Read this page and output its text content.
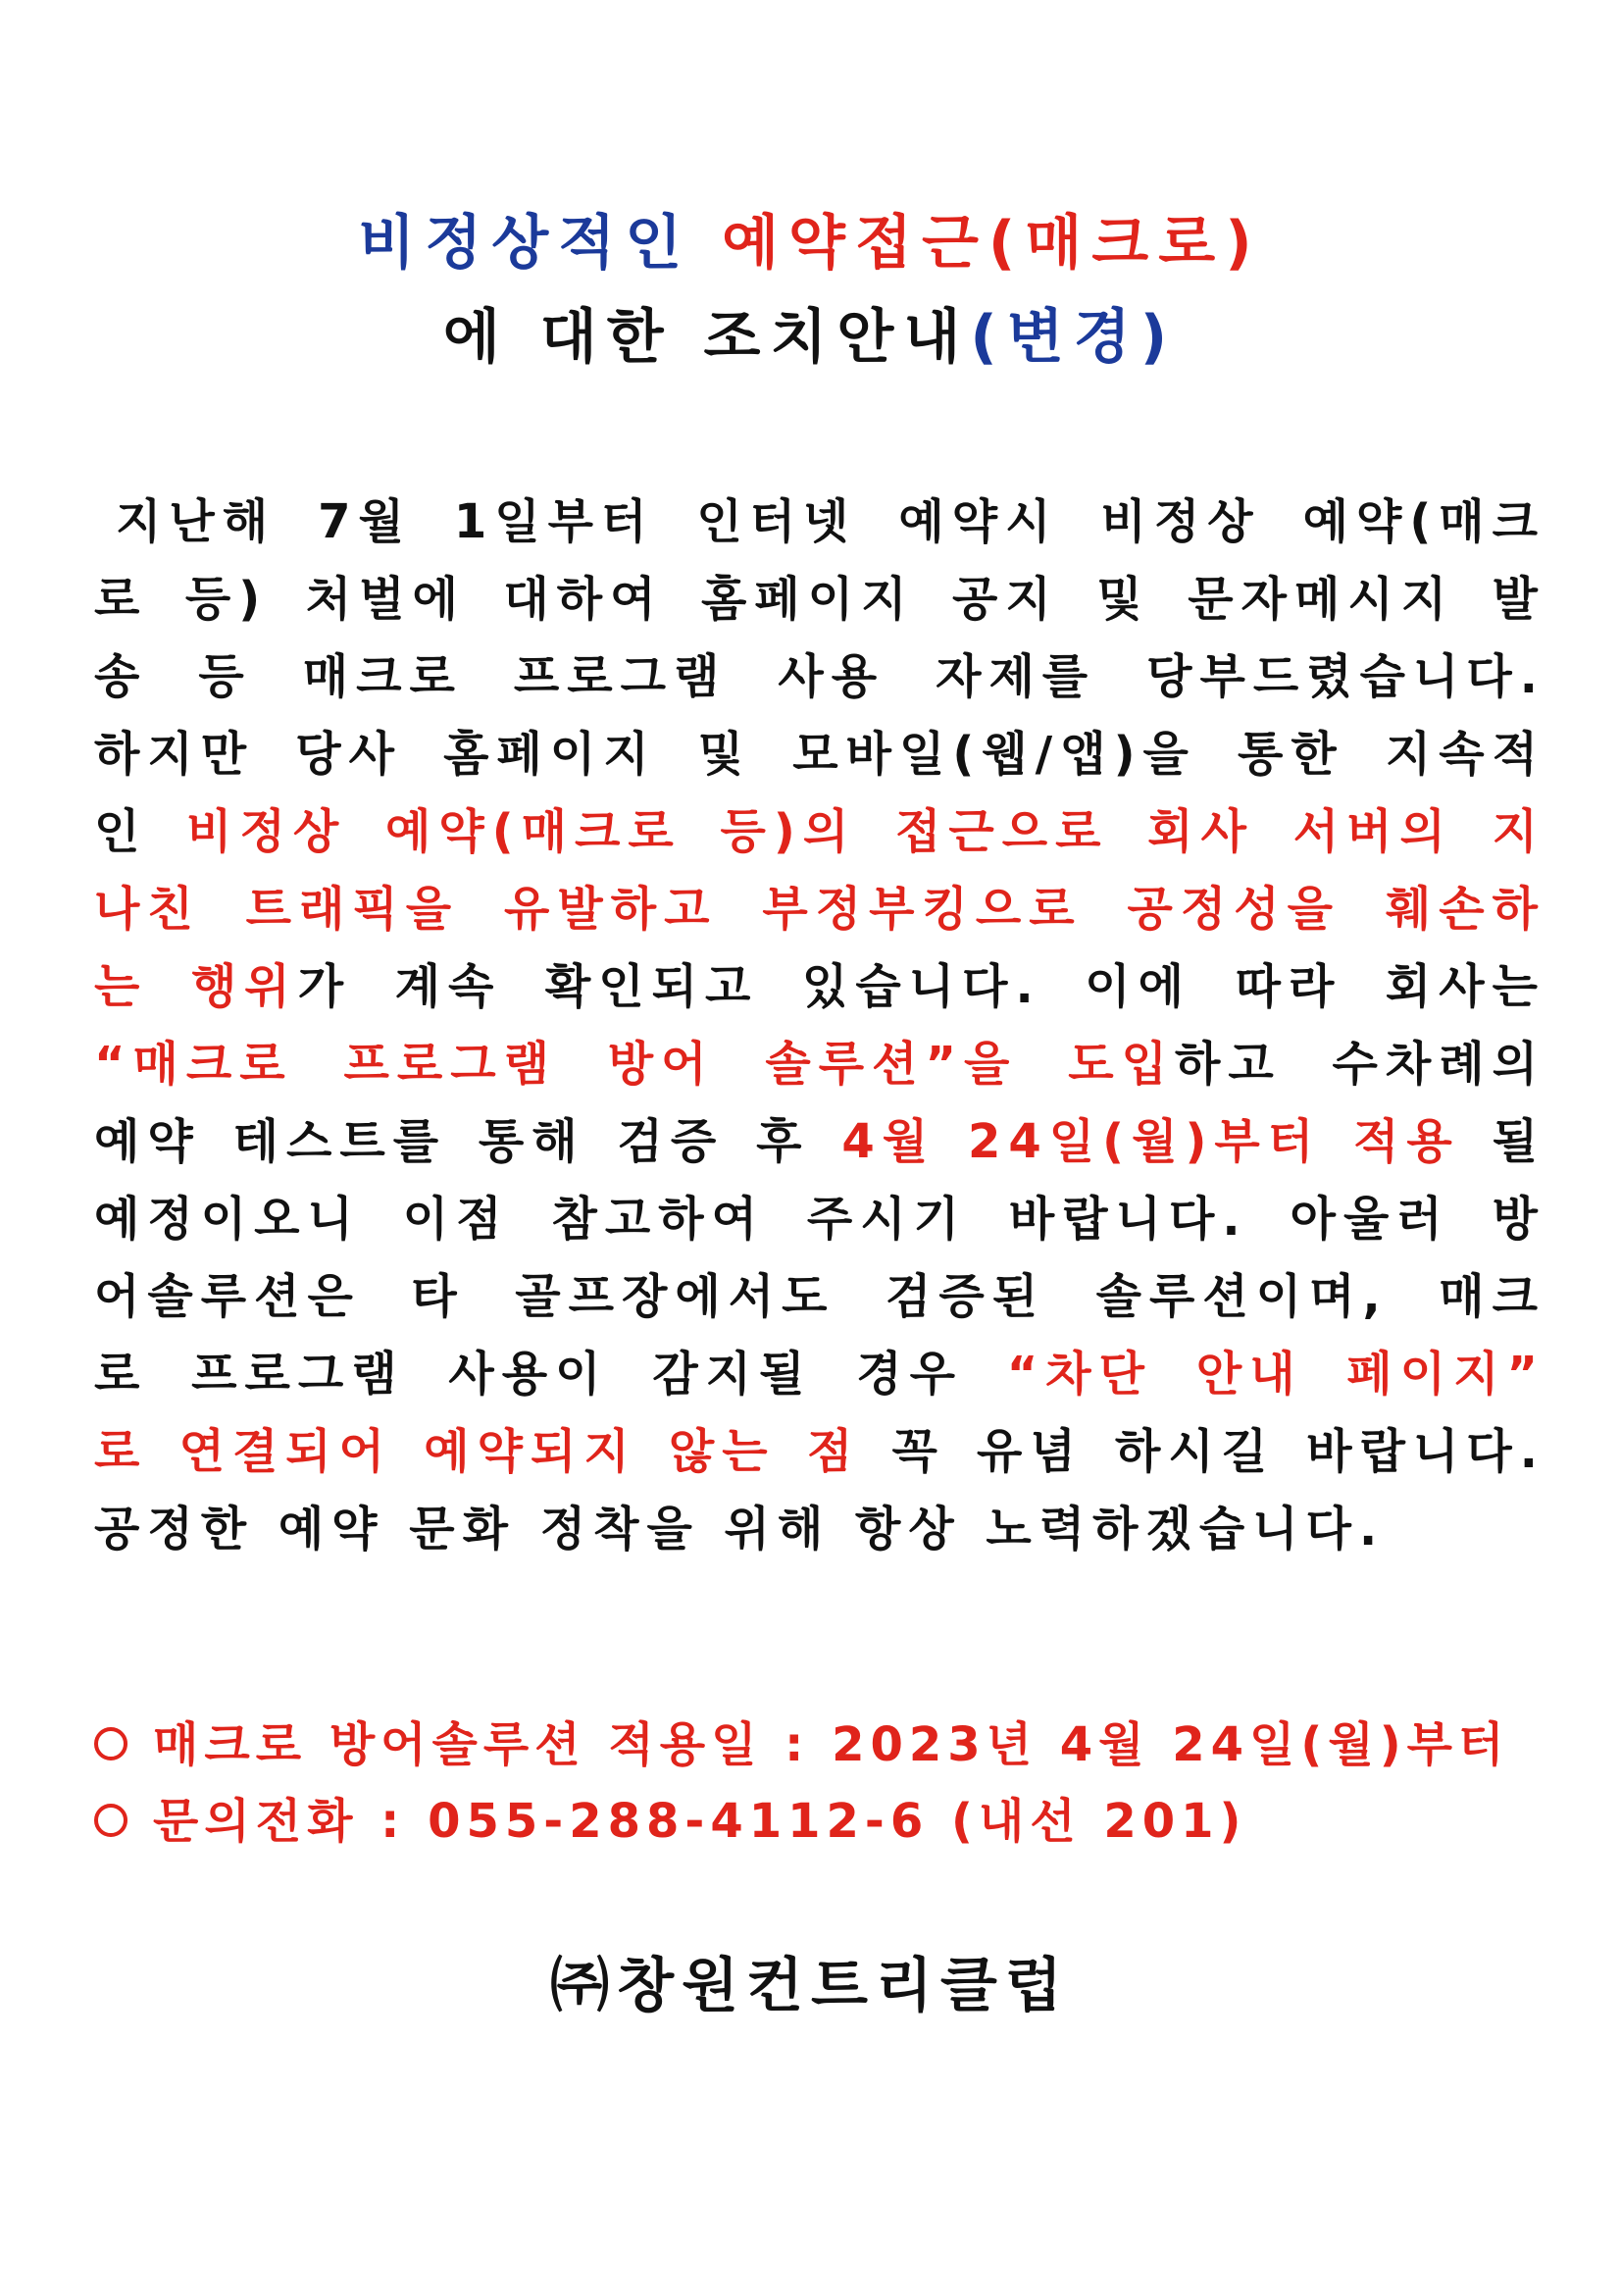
비정상적인 예약접근(매크로)
에 대한 조치안내(변경)
지난해 7월 1일부터 인터넷 예약시 비정상 예약(매크
로 등) 처벌에 대하여 홈페이지 공지 및 문자메시지 발
송 등 매크로 프로그램 사용 자제를 당부드렸습니다.
하지만 당사 홈페이지 및 모바일(웹/앱)을 통한 지속적
인 비정상 예약(매크로 등)의 접근으로 회사 서버의 지
나친 트래픽을 유발하고 부정부킹으로 공정성을 훼손하
는 행위가 계속 확인되고 있습니다. 이에 따라 회사는
“매크로 프로그램 방어 솔루션”을 도입하고 수차례의
예약 테스트를 통해 검증 후 4월 24일(월)부터 적용 될
예정이오니 이점 참고하여 주시기 바랍니다. 아울러 방
어솔루션은 타 골프장에서도 검증된 솔루션이며, 매크
로 프로그램 사용이 감지될 경우 “차단 안내 페이지”
로 연결되어 예약되지 않는 점 꼭 유념 하시길 바랍니다.
공정한 예약 문화 정착을 위해 항상 노력하겠습니다.
매크로 방어솔루션 적용일 : 2023년 4월 24일(월)부터
문의전화 : 055-288-4112-6 (내선 201)
㈜창원컨트리클럽
